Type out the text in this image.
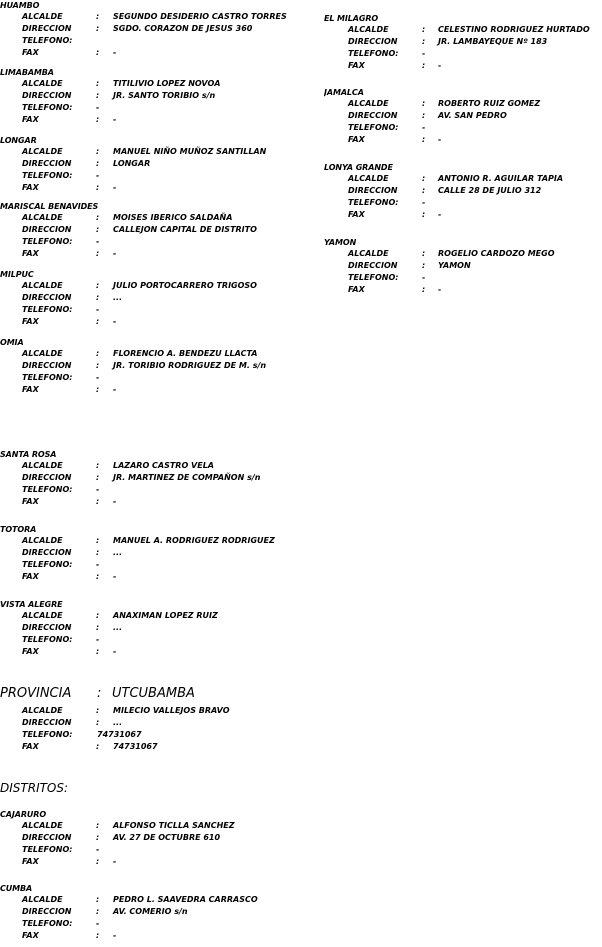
HUAMBO
ALCALDE	: SEGUNDO DESIDERIO CASTRO TORRES
DIRECCION	: SGDO. CORAZON DE JESUS 360
TELEFONO:
FAX	: -
LIMABAMBA
ALCALDE	: TITILIVIO LOPEZ NOVOA
DIRECCION	: JR. SANTO TORIBIO s/n
TELEFONO:	-
FAX	: -
LONGAR
ALCALDE	: MANUEL NIÑO MUÑOZ SANTILLAN
DIRECCION	: LONGAR
TELEFONO:	-
FAX	: -
MARISCAL BENAVIDES
ALCALDE	: MOISES IBERICO SALDAÑA
DIRECCION	: CALLEJON CAPITAL DE DISTRITO
TELEFONO:	-
FAX	: -
MILPUC
ALCALDE	: JULIO PORTOCARRERO TRIGOSO
DIRECCION	: ...
TELEFONO:	-
FAX	: -
OMIA
ALCALDE	: FLORENCIO A. BENDEZU LLACTA
DIRECCION	: JR. TORIBIO RODRIGUEZ DE M. s/n
TELEFONO:	-
FAX	: -
SANTA ROSA
ALCALDE	: LAZARO CASTRO VELA
DIRECCION	: JR. MARTINEZ DE COMPAÑON s/n
TELEFONO:	-
FAX	: -
TOTORA
ALCALDE	: MANUEL A. RODRIGUEZ RODRIGUEZ
DIRECCION	: ...
TELEFONO:	-
FAX	: -
VISTA ALEGRE
ALCALDE	: ANAXIMAN LOPEZ RUIZ
DIRECCION	: ...
TELEFONO:	-
FAX	: -
EL MILAGRO
ALCALDE	: CELESTINO RODRIGUEZ HURTADO
DIRECCION	: JR. LAMBAYEQUE Nº 183
TELEFONO:	-
FAX	: -
JAMALCA
ALCALDE	: ROBERTO RUIZ GOMEZ
DIRECCION	: AV. SAN PEDRO
TELEFONO:	-
FAX	: -
LONYA GRANDE
ALCALDE	: ANTONIO R. AGUILAR TAPIA
DIRECCION	: CALLE 28 DE JULIO 312
TELEFONO:	-
FAX	: -
YAMON
ALCALDE	: ROGELIO CARDOZO MEGO
DIRECCION	: YAMON
TELEFONO:	-
FAX	: -
PROVINCIA : UTCUBAMBA
ALCALDE	: MILECIO VALLEJOS BRAVO
DIRECCION	: ...
TELEFONO:	74731067
FAX	: 74731067
DISTRITOS:
CAJARURO
ALCALDE	: ALFONSO TICLLA SANCHEZ
DIRECCION	: AV. 27 DE OCTUBRE 610
TELEFONO:	-
FAX	: -
CUMBA
ALCALDE	: PEDRO L. SAAVEDRA CARRASCO
DIRECCION	: AV. COMERIO s/n
TELEFONO:	-
FAX	: -
